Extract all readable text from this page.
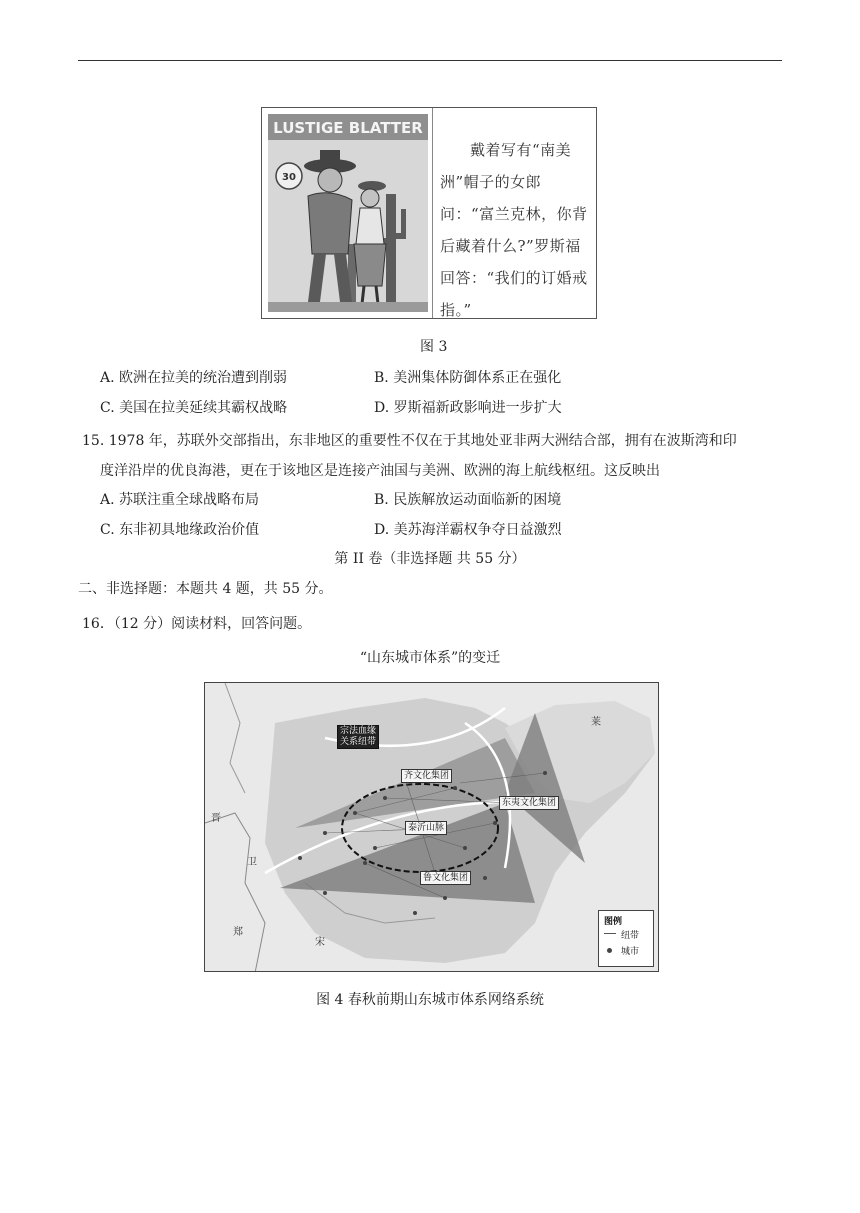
LUSTIGE BLATTER
30
戴着写有“南美洲”帽子的女郎问：“富兰克林，你背后藏着什么?”罗斯福回答：“我们的订婚戒指。”
图 3
A. 欧洲在拉美的统治遭到削弱	B. 美洲集体防御体系正在强化
C. 美国在拉美延续其霸权战略	D. 罗斯福新政影响进一步扩大
15. 1978 年，苏联外交部指出，东非地区的重要性不仅在于其地处亚非两大洲结合部，拥有在波斯湾和印
度洋沿岸的优良海港，更在于该地区是连接产油国与美洲、欧洲的海上航线枢纽。这反映出
A. 苏联注重全球战略布局	B. 民族解放运动面临新的困境
C. 东非初具地缘政治价值	D. 美苏海洋霸权争夺日益激烈
第 II 卷（非选择题 共 55 分）
二、非选择题：本题共 4 题，共 55 分。
16．（12 分）阅读材料，回答问题。
“山东城市体系”的变迁
宗法血缘
关系纽带
齐文化集团
东夷文化集团
泰沂山脉
鲁文化集团
晋
卫
郑
宋
莱
图例
纽带
城市
图 4 春秋前期山东城市体系网络系统
